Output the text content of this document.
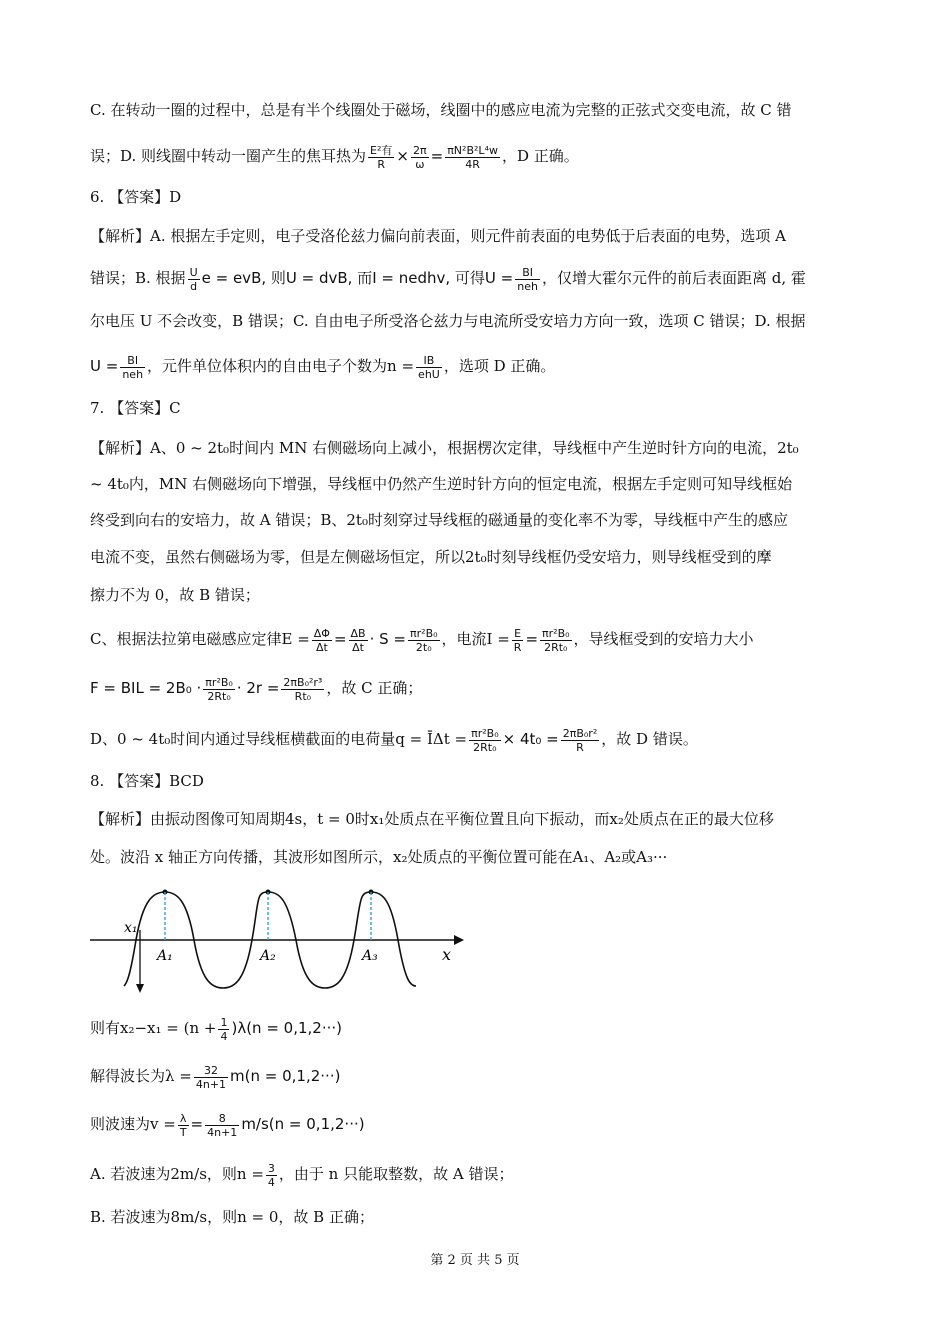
C. 在转动一圈的过程中，总是有半个线圈处于磁场，线圈中的感应电流为完整的正弦式交变电流，故 C 错
误；D. 则线圈中转动一圈产生的焦耳热为 $\frac{\text{E²有}}{R} \times \frac{2\pi}{\omega} = \frac{\text{πN²B²L⁴w}}{4R}$ ，D 正确。
6. 【答案】D
【解析】A. 根据左手定则，电子受洛伦兹力偏向前表面，则元件前表面的电势低于后表面的电势，选项 A
错误；B. 根据 $\frac{U}{d}$ e = evB, 则U = dvB, 而I = nedhv, 可得$U = \frac{BI}{\text{neh}}$ ，仅增大霍尔元件的前后表面距离 d, 霍
尔电压 U 不会改变，B 错误；C. 自由电子所受洛仑兹力与电流所受安培力方向一致，选项 C 错误；D. 根据
$U = \frac{BI}{\text{neh}}$ ，元件单位体积内的自由电子个数为$n = \frac{IB}{\text{ehU}}$ ，选项 D 正确。
7. 【答案】C
【解析】A、0 ~ 2t₀时间内 MN 右侧磁场向上减小，根据楞次定律，导线框中产生逆时针方向的电流，2t₀
~ 4t₀内，MN 右侧磁场向下增强，导线框中仍然产生逆时针方向的恒定电流，根据左手定则可知导线框始
终受到向右的安培力，故 A 错误；B、2t₀时刻穿过导线框的磁通量的变化率不为零，导线框中产生的感应
电流不变，虽然右侧磁场为零，但是左侧磁场恒定，所以2t₀时刻导线框仍受安培力，则导线框受到的摩
擦力不为 0，故 B 错误；
C、根据法拉第电磁感应定律$E = \frac{\Delta\Phi}{\Delta t} = \frac{\Delta B}{\Delta t} \cdot S = \frac{\text{πr²B₀}}{\text{2t₀}}$ ，电流$I = \frac{E}{R} = \frac{\text{πr²B₀}}{\text{2Rt₀}}$ ，导线框受到的安培力大小
F = BIL = $2B_0 \cdot \frac{\text{πr²B₀}}{\text{2Rt₀}} \cdot 2r = \frac{\text{2πB₀²r³}}{\text{Rt₀}}$ ，故 C 正确；
D、0 ~ 4t₀时间内通过导线框横截面的电荷量q = ĪΔt = $\frac{\text{πr²B₀}}{\text{2Rt₀}} \times 4t_0 = \frac{\text{2πB₀r²}}{R}$ ，故 D 错误。
8. 【答案】BCD
【解析】由振动图像可知周期4s，t = 0时x₁处质点在平衡位置且向下振动，而x₂处质点在正的最大位移
处。波沿 x 轴正方向传播，其波形如图所示，x₂处质点的平衡位置可能在A₁、A₂或A₃···
x₁
A₁	A₂	A₃	x
则有$x_2-x_1 = (n + \frac{1}{4} )\lambda(n = 0,1,2\cdot\cdot\cdot)$
解得波长为$\lambda = \frac{32}{4n+1} m(n = 0,1,2\cdot\cdot\cdot)$
则波速为$v = \frac{\lambda}{T} = \frac{8}{4n+1} m/s(n = 0,1,2\cdot\cdot\cdot)$
A. 若波速为2m/s，则$n = \frac{3}{4}$ ，由于 n 只能取整数，故 A 错误；
B. 若波速为8m/s，则n = 0，故 B 正确；
第 2 页 共 5 页
